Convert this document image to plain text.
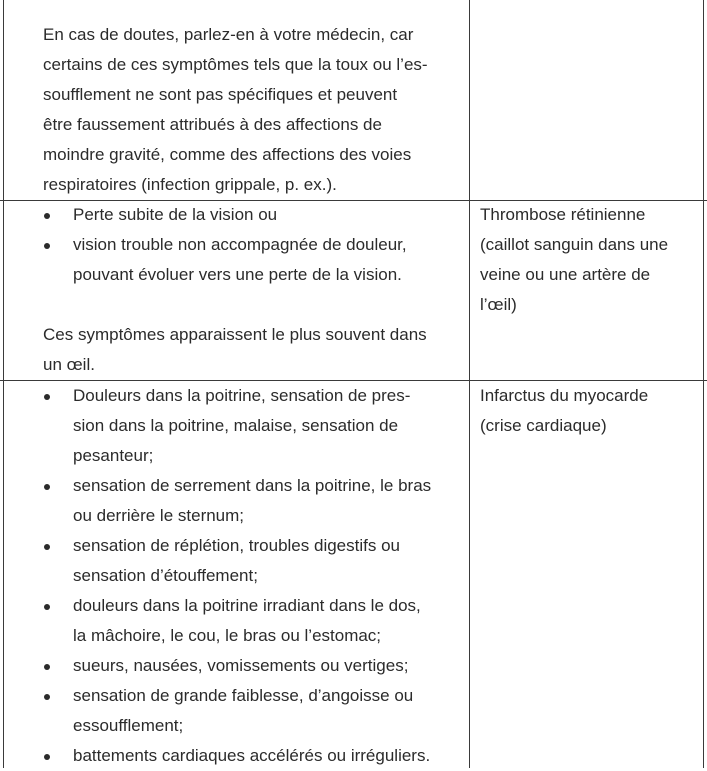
En cas de doutes, parlez-en à votre médecin, car

certains de ces symptômes tels que la toux ou l’es-

soufflement ne sont pas spécifiques et peuvent

être faussement attribués à des affections de

moindre gravité, comme des affections des voies

respiratoires (infection grippale, p. ex.).

Perte subite de la vision ou

vision trouble non accompagnée de douleur,

pouvant évoluer vers une perte de la vision.

Ces symptômes apparaissent le plus souvent dans

un œil.

Thrombose rétinienne

(caillot sanguin dans une

veine ou une artère de

l’œil)

Douleurs dans la poitrine, sensation de pres-

sion dans la poitrine, malaise, sensation de

pesanteur;

sensation de serrement dans la poitrine, le bras

ou derrière le sternum;

sensation de réplétion, troubles digestifs ou

sensation d’étouffement;

douleurs dans la poitrine irradiant dans le dos,

la mâchoire, le cou, le bras ou l’estomac;

sueurs, nausées, vomissements ou vertiges;

sensation de grande faiblesse, d’angoisse ou

essoufflement;

battements cardiaques accélérés ou irréguliers.

Infarctus du myocarde

(crise cardiaque)
